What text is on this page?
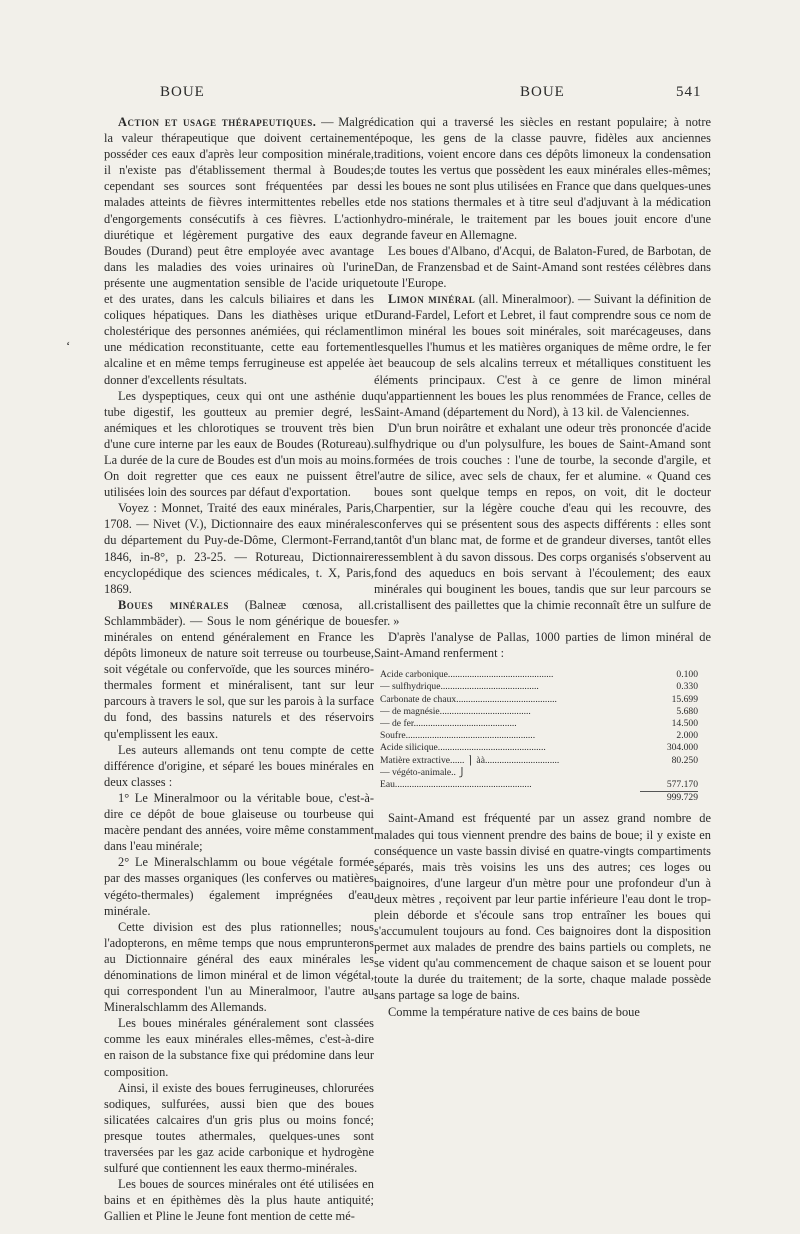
BOUE	BOUE	541
ʻ

Action et usage thérapeutiques. — Malgré la valeur thérapeutique que doivent certainement posséder ces eaux d'après leur composition minérale, il n'existe pas d'établissement thermal à Boudes; cependant ses sources sont fréquentées par des malades atteints de fièvres intermittentes rebelles et d'engorgements consécutifs à ces fièvres. L'action diurétique et légèrement purgative des eaux de Boudes (Durand) peut être employée avec avantage dans les maladies des voies urinaires où l'urine présente une augmentation sensible de l'acide urique et des urates, dans les calculs biliaires et dans les coliques hépatiques. Dans les diathèses urique et cholestérique des personnes anémiées, qui réclament une médication reconstituante, cette eau fortement alcaline et en même temps ferrugineuse est appelée à donner d'excellents résultats.

Les dyspeptiques, ceux qui ont une asthénie du tube digestif, les goutteux au premier degré, les anémiques et les chlorotiques se trouvent très bien d'une cure interne par les eaux de Boudes (Rotureau). La durée de la cure de Boudes est d'un mois au moins. On doit regretter que ces eaux ne puissent être utilisées loin des sources par défaut d'exportation.

Voyez : Monnet, Traité des eaux minérales, Paris, 1708. — Nivet (V.), Dictionnaire des eaux minérales du département du Puy-de-Dôme, Clermont-Ferrand, 1846, in-8°, p. 23-25. — Rotureau, Dictionnaire encyclopédique des sciences médicales, t. X, Paris, 1869.

Boues minérales (Balneæ cœnosa, all. Schlammbäder). — Sous le nom générique de boues minérales on entend généralement en France les dépôts limoneux de nature soit terreuse ou tourbeuse, soit végétale ou confervoïde, que les sources minéro-thermales forment et minéralisent, tant sur leur parcours à travers le sol, que sur les parois à la surface du fond, des bassins naturels et des réservoirs qu'emplissent les eaux.

Les auteurs allemands ont tenu compte de cette différence d'origine, et séparé les boues minérales en deux classes :

1° Le Mineralmoor ou la véritable boue, c'est-à-dire ce dépôt de boue glaiseuse ou tourbeuse qui macère pendant des années, voire même constamment dans l'eau minérale;

2° Le Mineralschlamm ou boue végétale formée par des masses organiques (les conferves ou matières végéto-thermales) également imprégnées d'eau minérale.

Cette division est des plus rationnelles; nous l'adopterons, en même temps que nous emprunterons au Dictionnaire général des eaux minérales les dénominations de limon minéral et de limon végétal, qui correspondent l'un au Mineralmoor, l'autre au Mineralschlamm des Allemands.

Les boues minérales généralement sont classées comme les eaux minérales elles-mêmes, c'est-à-dire en raison de la substance fixe qui prédomine dans leur composition.

Ainsi, il existe des boues ferrugineuses, chlorurées sodiques, sulfurées, aussi bien que des boues silicatées calcaires d'un gris plus ou moins foncé; presque toutes athermales, quelques-unes sont traversées par les gaz acide carbonique et hydrogène sulfuré que contiennent les eaux thermo-minérales.

Les boues de sources minérales ont été utilisées en bains et en épithèmes dès la plus haute antiquité; Gallien et Pline le Jeune font mention de cette mé-

dication qui a traversé les siècles en restant populaire; à notre époque, les gens de la classe pauvre, fidèles aux anciennes traditions, voient encore dans ces dépôts limoneux la condensation de toutes les vertus que possèdent les eaux minérales elles-mêmes; si les boues ne sont plus utilisées en France que dans quelques-unes de nos stations thermales et à titre seul d'adjuvant à la médication hydro-minérale, le traitement par les boues jouit encore d'une grande faveur en Allemagne.

Les boues d'Albano, d'Acqui, de Balaton-Fured, de Barbotan, de Dan, de Franzensbad et de Saint-Amand sont restées célèbres dans toute l'Europe.

Limon minéral (all. Mineralmoor). — Suivant la définition de Durand-Fardel, Lefort et Lebret, il faut comprendre sous ce nom de limon minéral les boues soit minérales, soit marécageuses, dans lesquelles l'humus et les matières organiques de même ordre, le fer et beaucoup de sels alcalins terreux et métalliques constituent les éléments principaux. C'est à ce genre de limon minéral qu'appartiennent les boues les plus renommées de France, celles de Saint-Amand (département du Nord), à 13 kil. de Valenciennes.

D'un brun noirâtre et exhalant une odeur très prononcée d'acide sulfhydrique ou d'un polysulfure, les boues de Saint-Amand sont formées de trois couches : l'une de tourbe, la seconde d'argile, et l'autre de silice, avec sels de chaux, fer et alumine. « Quand ces boues sont quelque temps en repos, on voit, dit le docteur Charpentier, sur la légère couche d'eau qui les recouvre, des conferves qui se présentent sous des aspects différents : elles sont tantôt d'un blanc mat, de forme et de grandeur diverses, tantôt elles ressemblent à du savon dissous. Des corps organisés s'observent au fond des aqueducs en bois servant à l'écoulement; des eaux minérales qui bouginent les boues, tandis que sur leur parcours se cristallisent des paillettes que la chimie reconnaît être un sulfure de fer. »

D'après l'analyse de Pallas, 1000 parties de limon minéral de Saint-Amand renferment :

Acide carbonique............................................	0.100
— sulfhydrique.........................................	0.330
Carbonate de chaux..........................................	15.699
— de magnésie......................................	5.680
— de fer...........................................	14.500
Soufre......................................................	2.000
Acide silicique.............................................	304.000
Matière extractive...... ⎫ àà...............................	80.250
— végéto-animale.. ⎭	
Eau.........................................................	577.170
	999.729

Saint-Amand est fréquenté par un assez grand nombre de malades qui tous viennent prendre des bains de boue; il y existe en conséquence un vaste bassin divisé en quatre-vingts compartiments séparés, mais très voisins les uns des autres; ces loges ou baignoires, d'une largeur d'un mètre pour une profondeur d'un à deux mètres , reçoivent par leur partie inférieure l'eau dont le trop-plein déborde et s'écoule sans trop entraîner les boues qui s'accumulent toujours au fond. Ces baignoires dont la disposition permet aux malades de prendre des bains partiels ou complets, ne se vident qu'au commencement de chaque saison et se louent pour toute la durée du traitement; de la sorte, chaque malade possède sans partage sa loge de bains.

Comme la température native de ces bains de boue
